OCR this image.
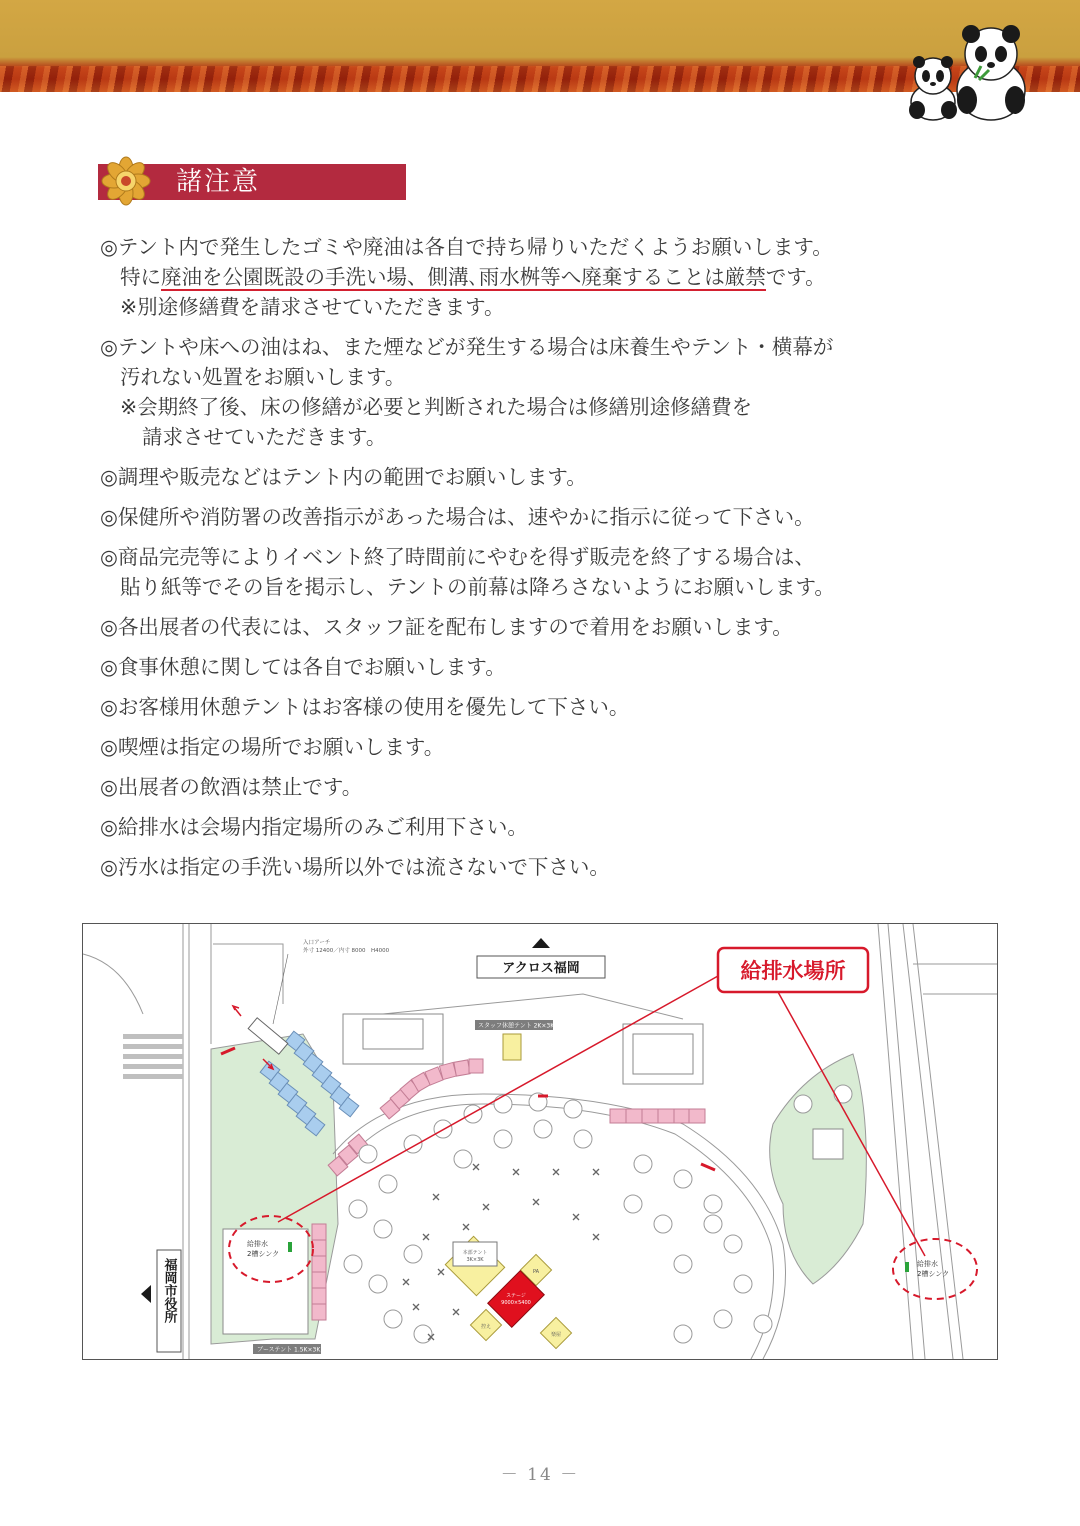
諸注意
◎テント内で発生したゴミや廃油は各自で持ち帰りいただくようお願いします。
特に廃油を公園既設の手洗い場、側溝､雨水桝等へ廃棄することは厳禁です。
※別途修繕費を請求させていただきます。
◎テントや床への油はね、また煙などが発生する場合は床養生やテント・横幕が
汚れない処置をお願いします。
※会期終了後、床の修繕が必要と判断された場合は修繕別途修繕費を
請求させていただきます。
◎調理や販売などはテント内の範囲でお願いします。
◎保健所や消防署の改善指示があった場合は、速やかに指示に従って下さい。
◎商品完売等によりイベント終了時間前にやむを得ず販売を終了する場合は、
貼り紙等でその旨を掲示し、テントの前幕は降ろさないようにお願いします。
◎各出展者の代表には、スタッフ証を配布しますので着用をお願いします。
◎食事休憩に関しては各自でお願いします。
◎お客様用休憩テントはお客様の使用を優先して下さい。
◎喫煙は指定の場所でお願いします。
◎出展者の飲酒は禁止です。
◎給排水は会場内指定場所のみご利用下さい。
◎汚水は指定の手洗い場所以外では流さないで下さい。
入口アーチ
外寸 12400／内寸 8000　H4000
スタッフ休憩テント 2K×3K
ブーステント 1.5K×3K
アクロス福岡
福岡市役所
本部テント
3K×3K
ステージ
9000×5400
PA
控え
楽屋
給排水
2槽シンク
給排水
2槽シンク
給排水場所
－ 14 －
